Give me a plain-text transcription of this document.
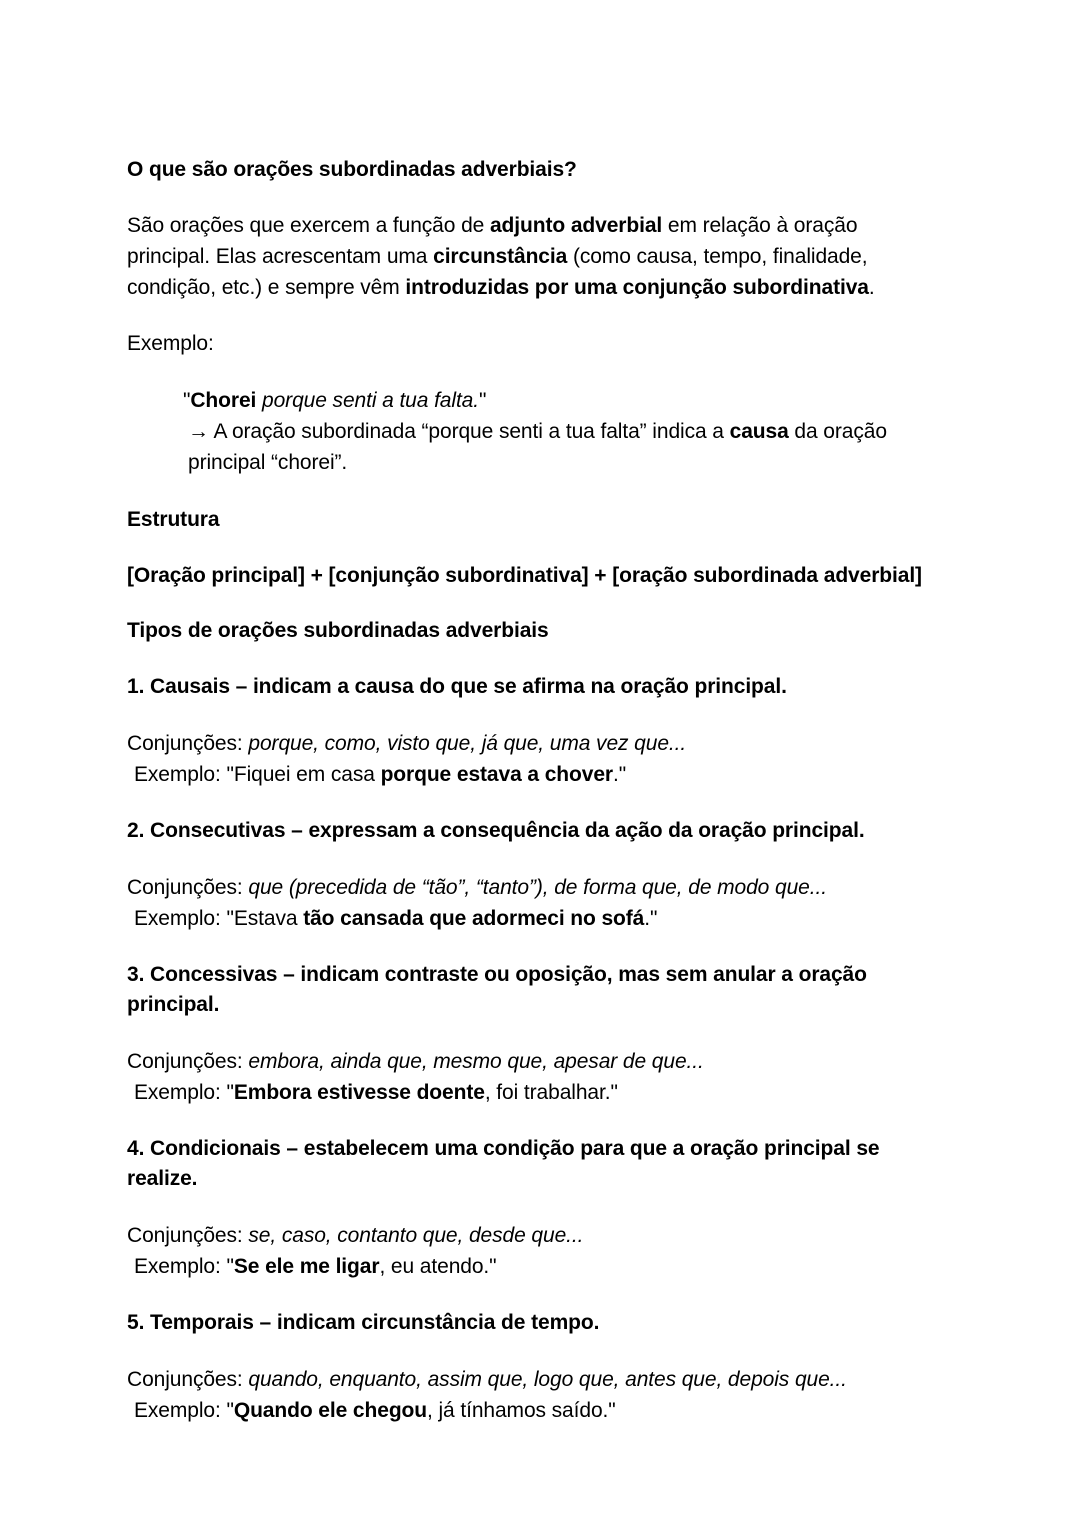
O que são orações subordinadas adverbiais?

São orações que exercem a função de adjunto adverbial em relação à oração principal. Elas acrescentam uma circunstância (como causa, tempo, finalidade, condição, etc.) e sempre vêm introduzidas por uma conjunção subordinativa.

Exemplo:

"Chorei porque senti a tua falta."

→ A oração subordinada “porque senti a tua falta” indica a causa da oração principal “chorei”.

Estrutura

[Oração principal] + [conjunção subordinativa] + [oração subordinada adverbial]

Tipos de orações subordinadas adverbiais

1. Causais – indicam a causa do que se afirma na oração principal.

Conjunções: porque, como, visto que, já que, uma vez que...

Exemplo: "Fiquei em casa porque estava a chover."

2. Consecutivas – expressam a consequência da ação da oração principal.

Conjunções: que (precedida de “tão”, “tanto”), de forma que, de modo que...

Exemplo: "Estava tão cansada que adormeci no sofá."

3. Concessivas – indicam contraste ou oposição, mas sem anular a oração principal.

Conjunções: embora, ainda que, mesmo que, apesar de que...

Exemplo: "Embora estivesse doente, foi trabalhar."

4. Condicionais – estabelecem uma condição para que a oração principal se realize.

Conjunções: se, caso, contanto que, desde que...

Exemplo: "Se ele me ligar, eu atendo."

5. Temporais – indicam circunstância de tempo.

Conjunções: quando, enquanto, assim que, logo que, antes que, depois que...

Exemplo: "Quando ele chegou, já tínhamos saído."
